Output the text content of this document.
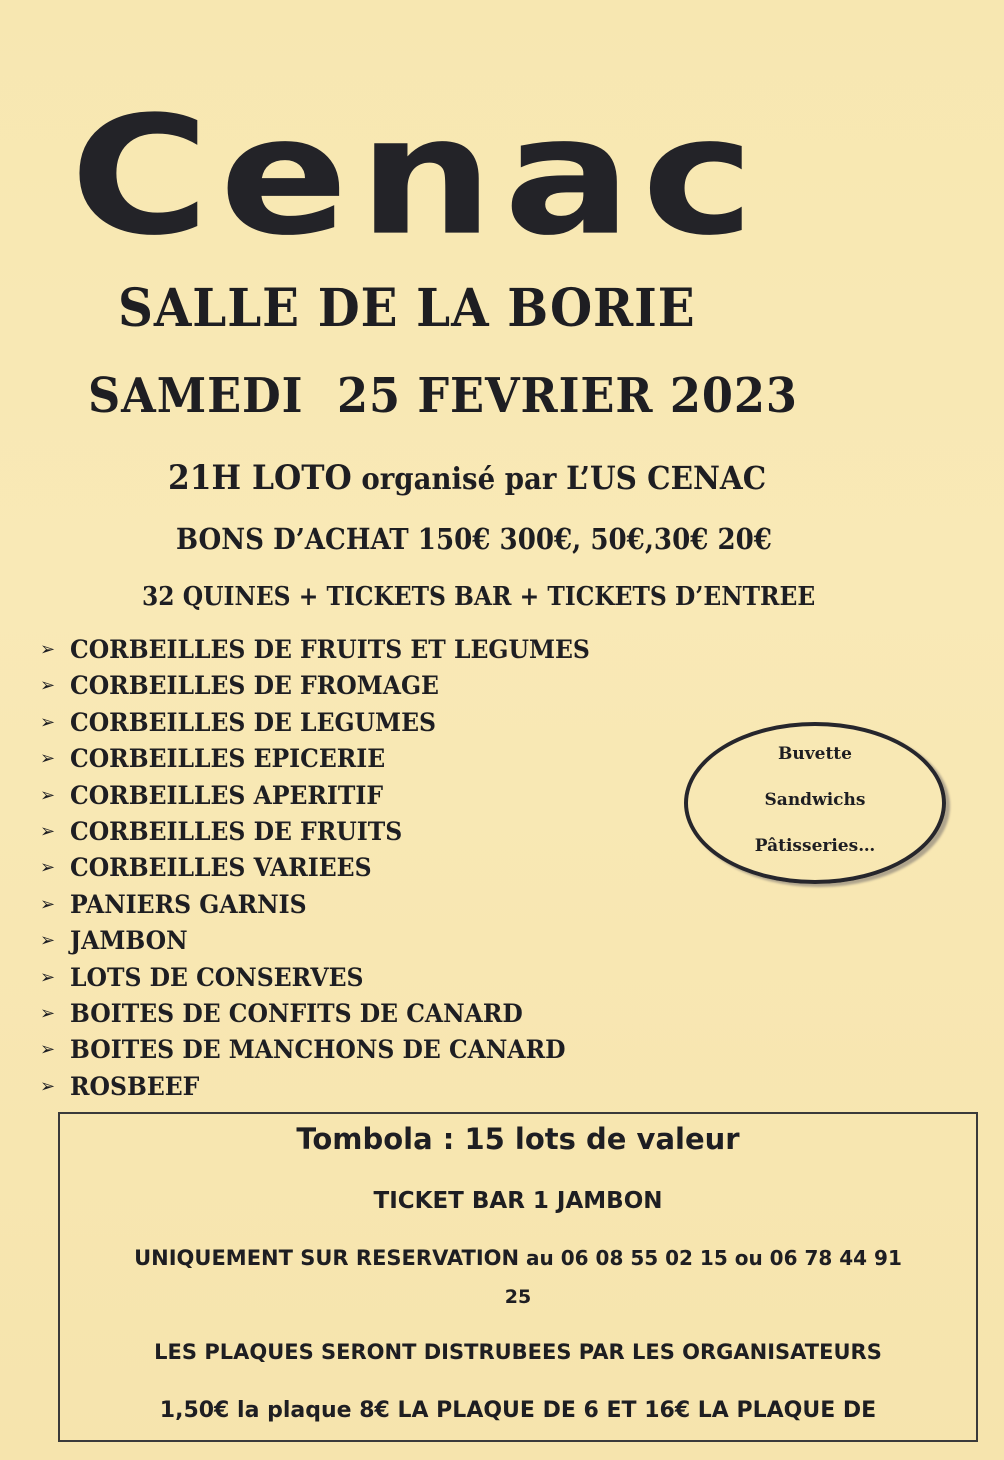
Cenac
SALLE DE LA BORIE
SAMEDI 25 FEVRIER 2023
21H LOTO organisé par L’US CENAC
BONS D’ACHAT 150€ 300€, 50€,30€ 20€
32 QUINES + TICKETS BAR + TICKETS D’ENTREE
➢ CORBEILLES DE FRUITS ET LEGUMES
➢ CORBEILLES DE FROMAGE
➢ CORBEILLES DE LEGUMES
➢ CORBEILLES EPICERIE
➢ CORBEILLES APERITIF
➢ CORBEILLES DE FRUITS
➢ CORBEILLES VARIEES
➢ PANIERS GARNIS
➢ JAMBON
➢ LOTS DE CONSERVES
➢ BOITES DE CONFITS DE CANARD
➢ BOITES DE MANCHONS DE CANARD
➢ ROSBEEF
Buvette
Sandwichs
Pâtisseries…
Tombola : 15 lots de valeur
TICKET BAR 1 JAMBON
UNIQUEMENT SUR RESERVATION au 06 08 55 02 15 ou 06 78 44 91
25
LES PLAQUES SERONT DISTRUBEES PAR LES ORGANISATEURS
1,50€ la plaque 8€ LA PLAQUE DE 6 ET 16€ LA PLAQUE DE
